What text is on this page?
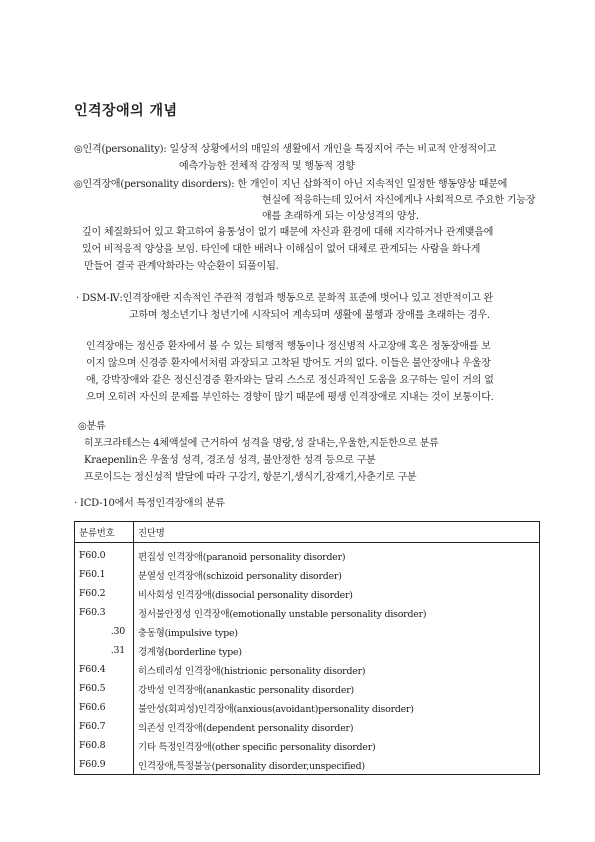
인격장애의 개념
◎인격(personality): 일상적 상황에서의 매일의 생활에서 개인을 특징지어 주는 비교적 안정적이고
예측가능한 전체적 감정적 및 행동적 경향
◎인격장애(personality disorders): 한 개인이 지닌 삽화적이 아닌 지속적인 일정한 행동양상 때문에
현실에 적응하는데 있어서 자신에게나 사회적으로 주요한 기능장
애를 초래하게 되는 이상성격의 양상.
깊이 체질화되어 있고 확고하여 융통성이 없기 때문에 자신과 환경에 대해 지각하거나 관계맺음에
있어 비적응적 양상을 보임. 타인에 대한 배려나 이해심이 없어 대체로 관계되는 사람을 화나게
만들어 결국 관계악화라는 악순환이 되풀이됨.
· DSM-Ⅳ:인격장애란 지속적인 주관적 경험과 행동으로 문화적 표준에 벗어나 있고 전반적이고 완
고하며 청소년기나 청년기에 시작되어 계속되며 생활에 불행과 장애를 초래하는 경우.
인격장애는 정신증 환자에서 볼 수 있는 퇴행적 행동이나 정신병적 사고장애 혹은 정동장애를 보
이지 않으며 신경증 환자에서처럼 과장되고 고착된 방어도 거의 없다. 이들은 불안장애나 우울장
애, 강박장애와 같은 정신신경증 환자와는 달리 스스로 정신과적인 도움을 요구하는 일이 거의 없
으며 오히려 자신의 문제를 부인하는 경향이 많기 때문에 평생 인격장애로 지내는 것이 보통이다.
◎분류
히포크라테스는 4체액설에 근거하여 성격을 명랑,성 잘내는,우울한,지둔한으로 분류
Kraepenlin은 우울성 성격, 경조성 성격, 불안정한 성격 등으로 구분
프로이드는 정신성적 발달에 따라 구강기, 항문기,생식기,잠재기,사춘기로 구분
· ICD-10에서 특정인격장애의 분류
분류번호	진단명
F60.0	편집성 인격장애(paranoid personality disorder)
F60.1	분열성 인격장애(schizoid personality disorder)
F60.2	비사회성 인격장애(dissocial personality disorder)
F60.3	정서불안정성 인격장애(emotionally unstable personality disorder)
.30	충동형(impulsive type)
.31	경계형(borderline type)
F60.4	히스테리성 인격장애(histrionic personality disorder)
F60.5	강박성 인격장애(anankastic personality disorder)
F60.6	불안성(회피성)인격장애(anxious(avoidant)personality disorder)
F60.7	의존성 인격장애(dependent personality disorder)
F60.8	기타 특정인격장애(other specific personality disorder)
F60.9	인격장애,특정불능(personality disorder,unspecified)
